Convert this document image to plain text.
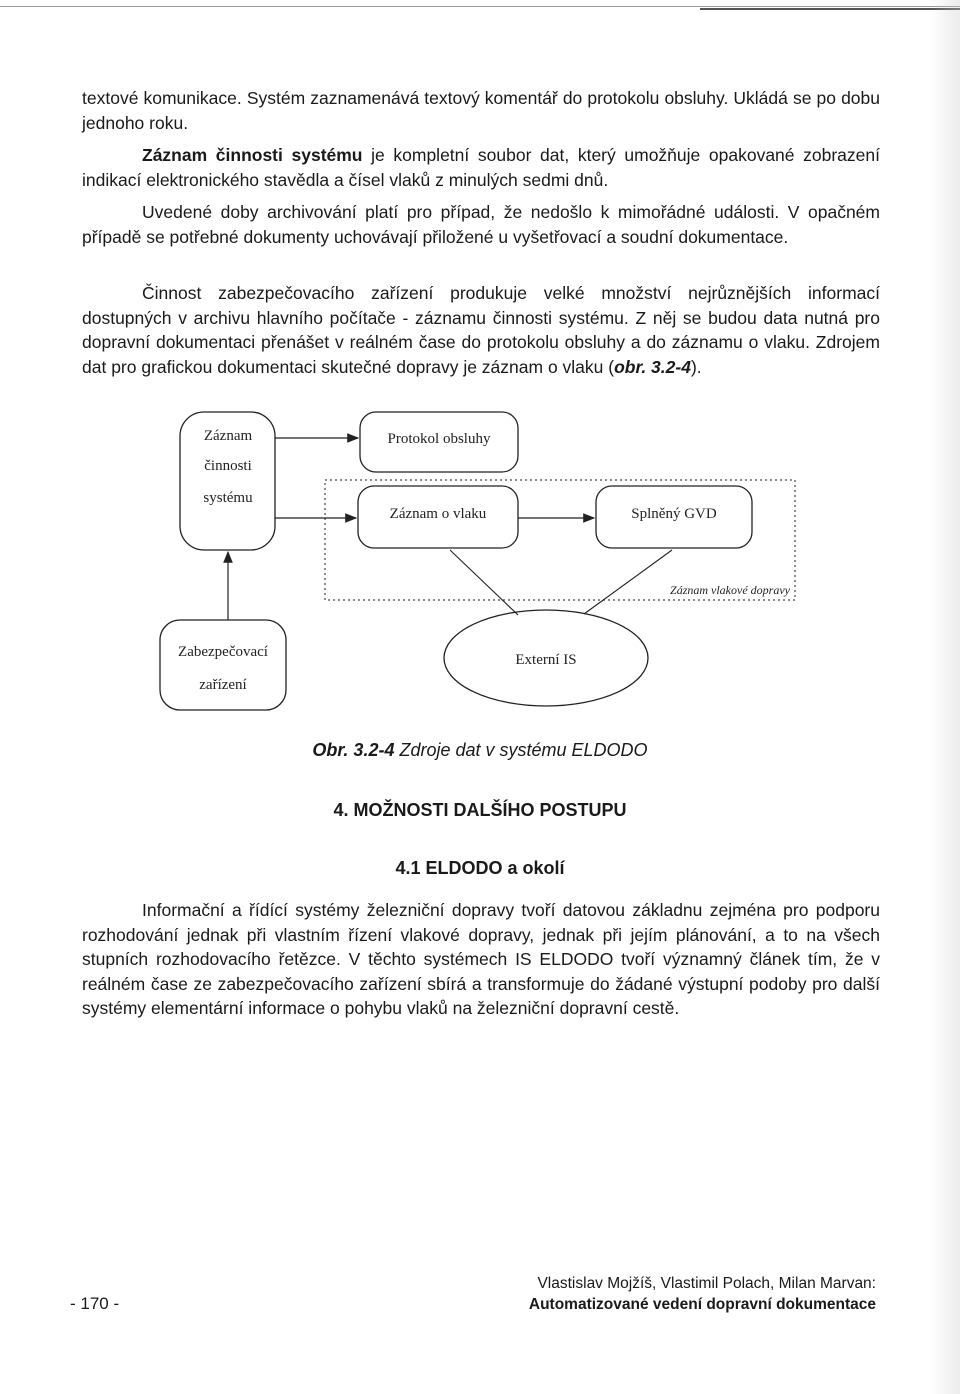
textové komunikace. Systém zaznamenává textový komentář do protokolu obsluhy. Ukládá se po dobu jednoho roku.

Záznam činnosti systému je kompletní soubor dat, který umožňuje opakované zobrazení indikací elektronického stavědla a čísel vlaků z minulých sedmi dnů.

Uvedené doby archivování platí pro případ, že nedošlo k mimořádné události. V opačném případě se potřebné dokumenty uchovávají přiložené u vyšetřovací a soudní dokumentace.

Činnost zabezpečovacího zařízení produkuje velké množství nejrůznějších informací dostupných v archivu hlavního počítače - záznamu činnosti systému. Z něj se budou data nutná pro dopravní dokumentaci přenášet v reálném čase do protokolu obsluhy a do záznamu o vlaku. Zdrojem dat pro grafickou dokumentaci skutečné dopravy je záznam o vlaku (obr. 3.2-4).

Záznam vlakové dopravy
Záznam
činnosti
systému
Protokol obsluhy
Záznam o vlaku	Splněný GVD
Zabezpečovací
zařízení
Externí IS
Obr. 3.2-4 Zdroje dat v systému ELDODO
4. MOŽNOSTI DALŠÍHO POSTUPU
4.1 ELDODO a okolí

Informační a řídící systémy železniční dopravy tvoří datovou základnu zejména pro podporu rozhodování jednak při vlastním řízení vlakové dopravy, jednak při jejím plánování, a to na všech stupních rozhodovacího řetězce. V těchto systémech IS ELDODO tvoří významný článek tím, že v reálném čase ze zabezpečovacího zařízení sbírá a transformuje do žádané výstupní podoby pro další systémy elementární informace o pohybu vlaků na železniční dopravní cestě.

- 170 -
Vlastislav Mojžíš, Vlastimil Polach, Milan Marvan:
Automatizované vedení dopravní dokumentace
